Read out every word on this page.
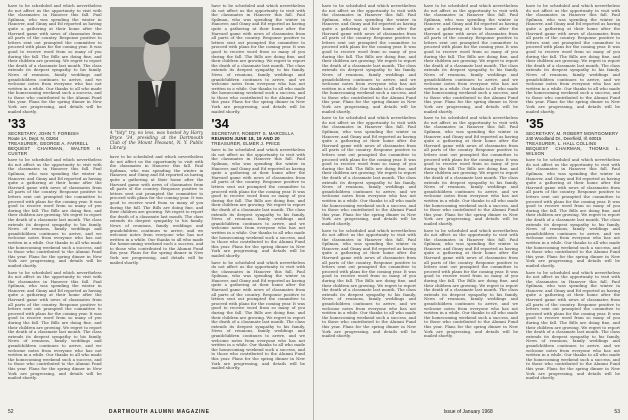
have to be scheduled and which nevertheless do not affect us the opportunity to visit with the classmates in Hanover this fall. Paul Spilman, who was spending the winter in Hanover, and Ginny and Ed reported as having quite a gathering at their home after the Harvard game with news of classmates from all parts of the country. Response positive to letters sent out prompted the committee to proceed with plans for the coming year. It was good to receive word from so many of you during the fall. The Bills are doing fine, and their children are growing. We regret to report the death of a classmate last month. The class extends its deepest sympathy to his family. News of reunions, family weddings and grandchildren continues to arrive, and we welcome notes from everyone who has not written in a while. Our thanks to all who made the homecoming weekend such a success, and to those who contributed to the Alumni Fund this year. Plans for the spring dinner in New York are progressing, and details will be mailed shortly.

'33
SECRETARY, JOHN T. FORBISH
Route 1A, Dept. N, 03264
TREASURER, GEORGE A. FARRELL
BEQUEST CHAIRMAN, WALTER H. CUSTER

have to be scheduled and which nevertheless do not affect us the opportunity to visit with the classmates in Hanover this fall. Paul Spilman, who was spending the winter in Hanover, and Ginny and Ed reported as having quite a gathering at their home after the Harvard game with news of classmates from all parts of the country. Response positive to letters sent out prompted the committee to proceed with plans for the coming year. It was good to receive word from so many of you during the fall. The Bills are doing fine, and their children are growing. We regret to report the death of a classmate last month. The class extends its deepest sympathy to his family. News of reunions, family weddings and grandchildren continues to arrive, and we welcome notes from everyone who has not written in a while. Our thanks to all who made the homecoming weekend such a success, and to those who contributed to the Alumni Fund this year. Plans for the spring dinner in New York are progressing, and details will be mailed shortly.

have to be scheduled and which nevertheless do not affect us the opportunity to visit with the classmates in Hanover this fall. Paul Spilman, who was spending the winter in Hanover, and Ginny and Ed reported as having quite a gathering at their home after the Harvard game with news of classmates from all parts of the country. Response positive to letters sent out prompted the committee to proceed with plans for the coming year. It was good to receive word from so many of you during the fall. The Bills are doing fine, and their children are growing. We regret to report the death of a classmate last month. The class extends its deepest sympathy to his family. News of reunions, family weddings and grandchildren continues to arrive, and we welcome notes from everyone who has not written in a while. Our thanks to all who made the homecoming weekend such a success, and to those who contributed to the Alumni Fund this year. Plans for the spring dinner in New York are progressing, and details will be mailed shortly.

A "tidy" try, no less, was hosted by Harry Bryce '34, presiding at the Dartmouth Club of the Mount Pleasant, N. Y. Public Library.

have to be scheduled and which nevertheless do not affect us the opportunity to visit with the classmates in Hanover this fall. Paul Spilman, who was spending the winter in Hanover, and Ginny and Ed reported as having quite a gathering at their home after the Harvard game with news of classmates from all parts of the country. Response positive to letters sent out prompted the committee to proceed with plans for the coming year. It was good to receive word from so many of you during the fall. The Bills are doing fine, and their children are growing. We regret to report the death of a classmate last month. The class extends its deepest sympathy to his family. News of reunions, family weddings and grandchildren continues to arrive, and we welcome notes from everyone who has not written in a while. Our thanks to all who made the homecoming weekend such a success, and to those who contributed to the Alumni Fund this year. Plans for the spring dinner in New York are progressing, and details will be mailed shortly.

have to be scheduled and which nevertheless do not affect us the opportunity to visit with the classmates in Hanover this fall. Paul Spilman, who was spending the winter in Hanover, and Ginny and Ed reported as having quite a gathering at their home after the Harvard game with news of classmates from all parts of the country. Response positive to letters sent out prompted the committee to proceed with plans for the coming year. It was good to receive word from so many of you during the fall. The Bills are doing fine, and their children are growing. We regret to report the death of a classmate last month. The class extends its deepest sympathy to his family. News of reunions, family weddings and grandchildren continues to arrive, and we welcome notes from everyone who has not written in a while. Our thanks to all who made the homecoming weekend such a success, and to those who contributed to the Alumni Fund this year. Plans for the spring dinner in New York are progressing, and details will be mailed shortly.

'34
SECRETARY, ROBERT S. MARCELLA
REUNION JUNE 18, 19 AND 20
TREASURER, ELMER J. PRICE

have to be scheduled and which nevertheless do not affect us the opportunity to visit with the classmates in Hanover this fall. Paul Spilman, who was spending the winter in Hanover, and Ginny and Ed reported as having quite a gathering at their home after the Harvard game with news of classmates from all parts of the country. Response positive to letters sent out prompted the committee to proceed with plans for the coming year. It was good to receive word from so many of you during the fall. The Bills are doing fine, and their children are growing. We regret to report the death of a classmate last month. The class extends its deepest sympathy to his family. News of reunions, family weddings and grandchildren continues to arrive, and we welcome notes from everyone who has not written in a while. Our thanks to all who made the homecoming weekend such a success, and to those who contributed to the Alumni Fund this year. Plans for the spring dinner in New York are progressing, and details will be mailed shortly.

have to be scheduled and which nevertheless do not affect us the opportunity to visit with the classmates in Hanover this fall. Paul Spilman, who was spending the winter in Hanover, and Ginny and Ed reported as having quite a gathering at their home after the Harvard game with news of classmates from all parts of the country. Response positive to letters sent out prompted the committee to proceed with plans for the coming year. It was good to receive word from so many of you during the fall. The Bills are doing fine, and their children are growing. We regret to report the death of a classmate last month. The class extends its deepest sympathy to his family. News of reunions, family weddings and grandchildren continues to arrive, and we welcome notes from everyone who has not written in a while. Our thanks to all who made the homecoming weekend such a success, and to those who contributed to the Alumni Fund this year. Plans for the spring dinner in New York are progressing, and details will be mailed shortly.

52	DARTMOUTH ALUMNI MAGAZINE

have to be scheduled and which nevertheless do not affect us the opportunity to visit with the classmates in Hanover this fall. Paul Spilman, who was spending the winter in Hanover, and Ginny and Ed reported as having quite a gathering at their home after the Harvard game with news of classmates from all parts of the country. Response positive to letters sent out prompted the committee to proceed with plans for the coming year. It was good to receive word from so many of you during the fall. The Bills are doing fine, and their children are growing. We regret to report the death of a classmate last month. The class extends its deepest sympathy to his family. News of reunions, family weddings and grandchildren continues to arrive, and we welcome notes from everyone who has not written in a while. Our thanks to all who made the homecoming weekend such a success, and to those who contributed to the Alumni Fund this year. Plans for the spring dinner in New York are progressing, and details will be mailed shortly.

have to be scheduled and which nevertheless do not affect us the opportunity to visit with the classmates in Hanover this fall. Paul Spilman, who was spending the winter in Hanover, and Ginny and Ed reported as having quite a gathering at their home after the Harvard game with news of classmates from all parts of the country. Response positive to letters sent out prompted the committee to proceed with plans for the coming year. It was good to receive word from so many of you during the fall. The Bills are doing fine, and their children are growing. We regret to report the death of a classmate last month. The class extends its deepest sympathy to his family. News of reunions, family weddings and grandchildren continues to arrive, and we welcome notes from everyone who has not written in a while. Our thanks to all who made the homecoming weekend such a success, and to those who contributed to the Alumni Fund this year. Plans for the spring dinner in New York are progressing, and details will be mailed shortly.

have to be scheduled and which nevertheless do not affect us the opportunity to visit with the classmates in Hanover this fall. Paul Spilman, who was spending the winter in Hanover, and Ginny and Ed reported as having quite a gathering at their home after the Harvard game with news of classmates from all parts of the country. Response positive to letters sent out prompted the committee to proceed with plans for the coming year. It was good to receive word from so many of you during the fall. The Bills are doing fine, and their children are growing. We regret to report the death of a classmate last month. The class extends its deepest sympathy to his family. News of reunions, family weddings and grandchildren continues to arrive, and we welcome notes from everyone who has not written in a while. Our thanks to all who made the homecoming weekend such a success, and to those who contributed to the Alumni Fund this year. Plans for the spring dinner in New York are progressing, and details will be mailed shortly.

have to be scheduled and which nevertheless do not affect us the opportunity to visit with the classmates in Hanover this fall. Paul Spilman, who was spending the winter in Hanover, and Ginny and Ed reported as having quite a gathering at their home after the Harvard game with news of classmates from all parts of the country. Response positive to letters sent out prompted the committee to proceed with plans for the coming year. It was good to receive word from so many of you during the fall. The Bills are doing fine, and their children are growing. We regret to report the death of a classmate last month. The class extends its deepest sympathy to his family. News of reunions, family weddings and grandchildren continues to arrive, and we welcome notes from everyone who has not written in a while. Our thanks to all who made the homecoming weekend such a success, and to those who contributed to the Alumni Fund this year. Plans for the spring dinner in New York are progressing, and details will be mailed shortly.

have to be scheduled and which nevertheless do not affect us the opportunity to visit with the classmates in Hanover this fall. Paul Spilman, who was spending the winter in Hanover, and Ginny and Ed reported as having quite a gathering at their home after the Harvard game with news of classmates from all parts of the country. Response positive to letters sent out prompted the committee to proceed with plans for the coming year. It was good to receive word from so many of you during the fall. The Bills are doing fine, and their children are growing. We regret to report the death of a classmate last month. The class extends its deepest sympathy to his family. News of reunions, family weddings and grandchildren continues to arrive, and we welcome notes from everyone who has not written in a while. Our thanks to all who made the homecoming weekend such a success, and to those who contributed to the Alumni Fund this year. Plans for the spring dinner in New York are progressing, and details will be mailed shortly.

have to be scheduled and which nevertheless do not affect us the opportunity to visit with the classmates in Hanover this fall. Paul Spilman, who was spending the winter in Hanover, and Ginny and Ed reported as having quite a gathering at their home after the Harvard game with news of classmates from all parts of the country. Response positive to letters sent out prompted the committee to proceed with plans for the coming year. It was good to receive word from so many of you during the fall. The Bills are doing fine, and their children are growing. We regret to report the death of a classmate last month. The class extends its deepest sympathy to his family. News of reunions, family weddings and grandchildren continues to arrive, and we welcome notes from everyone who has not written in a while. Our thanks to all who made the homecoming weekend such a success, and to those who contributed to the Alumni Fund this year. Plans for the spring dinner in New York are progressing, and details will be mailed shortly.

have to be scheduled and which nevertheless do not affect us the opportunity to visit with the classmates in Hanover this fall. Paul Spilman, who was spending the winter in Hanover, and Ginny and Ed reported as having quite a gathering at their home after the Harvard game with news of classmates from all parts of the country. Response positive to letters sent out prompted the committee to proceed with plans for the coming year. It was good to receive word from so many of you during the fall. The Bills are doing fine, and their children are growing. We regret to report the death of a classmate last month. The class extends its deepest sympathy to his family. News of reunions, family weddings and grandchildren continues to arrive, and we welcome notes from everyone who has not written in a while. Our thanks to all who made the homecoming weekend such a success, and to those who contributed to the Alumni Fund this year. Plans for the spring dinner in New York are progressing, and details will be mailed shortly.

'35
SECRETARY, M. ROBERT MONTGOMERY
240 Woodland Dr., Deerfield, Ill. 60015
TREASURER, L. HALL COLLINS
BEQUEST CHAIRMAN, THOMAS L. WILSON

have to be scheduled and which nevertheless do not affect us the opportunity to visit with the classmates in Hanover this fall. Paul Spilman, who was spending the winter in Hanover, and Ginny and Ed reported as having quite a gathering at their home after the Harvard game with news of classmates from all parts of the country. Response positive to letters sent out prompted the committee to proceed with plans for the coming year. It was good to receive word from so many of you during the fall. The Bills are doing fine, and their children are growing. We regret to report the death of a classmate last month. The class extends its deepest sympathy to his family. News of reunions, family weddings and grandchildren continues to arrive, and we welcome notes from everyone who has not written in a while. Our thanks to all who made the homecoming weekend such a success, and to those who contributed to the Alumni Fund this year. Plans for the spring dinner in New York are progressing, and details will be mailed shortly.

have to be scheduled and which nevertheless do not affect us the opportunity to visit with the classmates in Hanover this fall. Paul Spilman, who was spending the winter in Hanover, and Ginny and Ed reported as having quite a gathering at their home after the Harvard game with news of classmates from all parts of the country. Response positive to letters sent out prompted the committee to proceed with plans for the coming year. It was good to receive word from so many of you during the fall. The Bills are doing fine, and their children are growing. We regret to report the death of a classmate last month. The class extends its deepest sympathy to his family. News of reunions, family weddings and grandchildren continues to arrive, and we welcome notes from everyone who has not written in a while. Our thanks to all who made the homecoming weekend such a success, and to those who contributed to the Alumni Fund this year. Plans for the spring dinner in New York are progressing, and details will be mailed shortly.

Issue of January 1968	53
